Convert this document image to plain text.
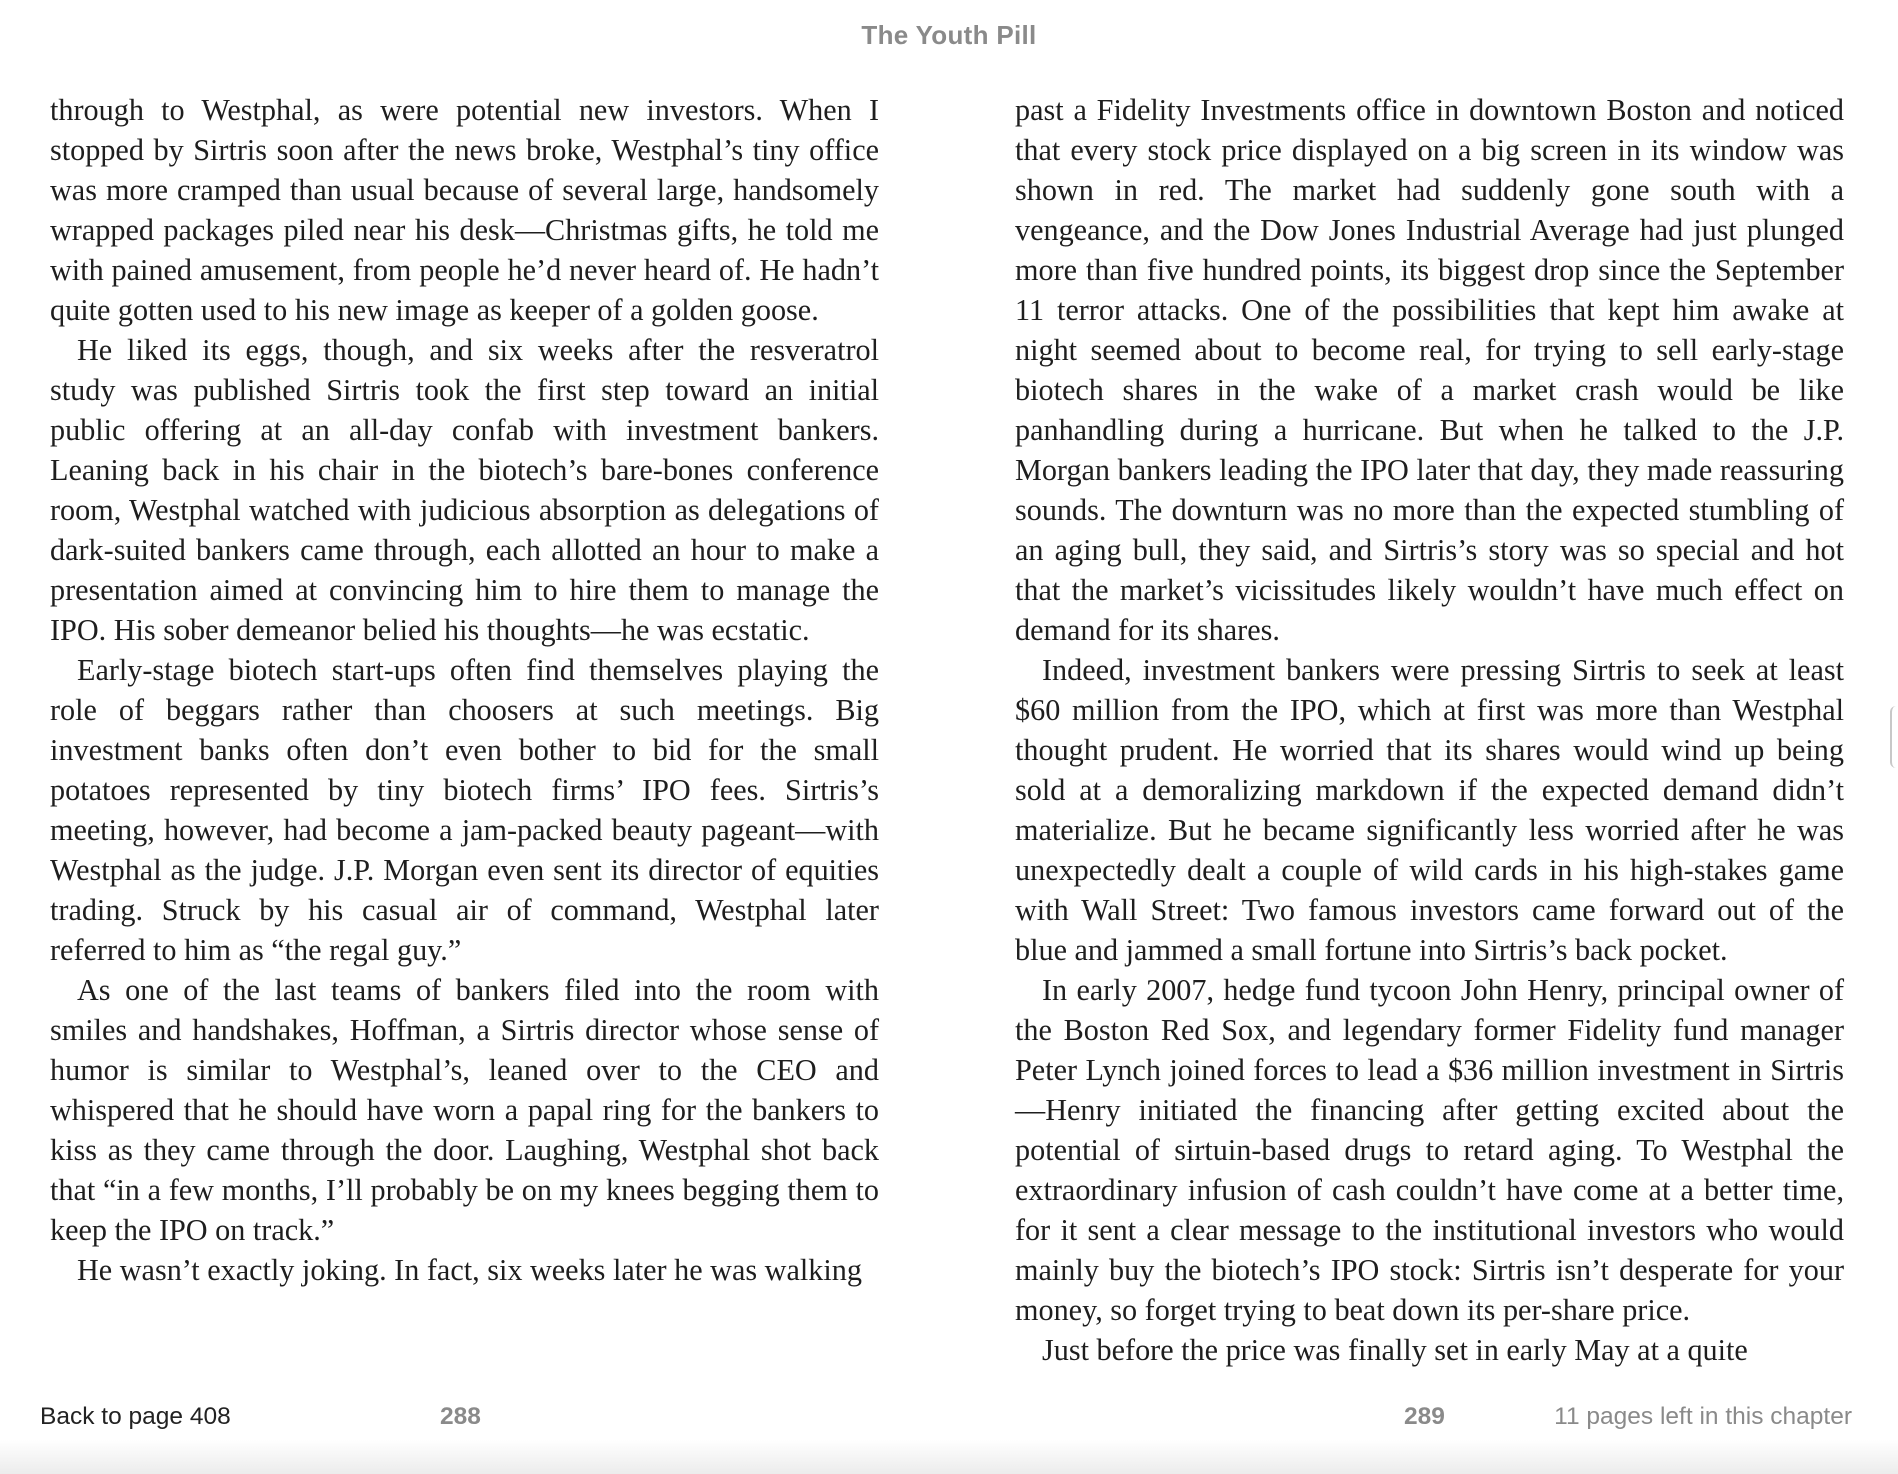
The Youth Pill

through to Westphal, as were potential new investors. When I stopped by Sirtris soon after the news broke, Westphal’s tiny office was more cramped than usual because of several large, handsomely wrapped packages piled near his desk—Christmas gifts, he told me with pained amusement, from people he’d never heard of. He hadn’t quite gotten used to his new image as keeper of a golden goose.

He liked its eggs, though, and six weeks after the resveratrol study was published Sirtris took the first step toward an initial public offering at an all-day confab with investment bankers. Leaning back in his chair in the biotech’s bare-bones conference room, Westphal watched with judicious absorption as delegations of dark-suited bankers came through, each allotted an hour to make a presentation aimed at convincing him to hire them to manage the IPO. His sober demeanor belied his thoughts—he was ecstatic.

Early-stage biotech start-ups often find themselves playing the role of beggars rather than choosers at such meetings. Big investment banks often don’t even bother to bid for the small potatoes represented by tiny biotech firms’ IPO fees. Sirtris’s meeting, however, had become a jam-packed beauty pageant—with Westphal as the judge. J.P. Morgan even sent its director of equities trading. Struck by his casual air of command, Westphal later referred to him as “the regal guy.”

As one of the last teams of bankers filed into the room with smiles and handshakes, Hoffman, a Sirtris director whose sense of humor is similar to Westphal’s, leaned over to the CEO and whispered that he should have worn a papal ring for the bankers to kiss as they came through the door. Laughing, Westphal shot back that “in a few months, I’ll probably be on my knees begging them to keep the IPO on track.”

He wasn’t exactly joking. In fact, six weeks later he was walking

past a Fidelity Investments office in downtown Boston and noticed that every stock price displayed on a big screen in its window was shown in red. The market had suddenly gone south with a vengeance, and the Dow Jones Industrial Average had just plunged more than five hundred points, its biggest drop since the September 11 terror attacks. One of the possibilities that kept him awake at night seemed about to become real, for trying to sell early-stage biotech shares in the wake of a market crash would be like panhandling during a hurricane. But when he talked to the J.P. Morgan bankers leading the IPO later that day, they made reassuring sounds. The downturn was no more than the expected stumbling of an aging bull, they said, and Sirtris’s story was so special and hot that the market’s vicissitudes likely wouldn’t have much effect on demand for its shares.

Indeed, investment bankers were pressing Sirtris to seek at least $60 million from the IPO, which at first was more than Westphal thought prudent. He worried that its shares would wind up being sold at a demoralizing markdown if the expected demand didn’t materialize. But he became significantly less worried after he was unexpectedly dealt a couple of wild cards in his high-stakes game with Wall Street: Two famous investors came forward out of the blue and jammed a small fortune into Sirtris’s back pocket.

In early 2007, hedge fund tycoon John Henry, principal owner of the Boston Red Sox, and legendary former Fidelity fund manager Peter Lynch joined forces to lead a $36 million investment in Sirtris—Henry initiated the financing after getting excited about the potential of sirtuin-based drugs to retard aging. To Westphal the extraordinary infusion of cash couldn’t have come at a better time, for it sent a clear message to the institutional investors who would mainly buy the biotech’s IPO stock: Sirtris isn’t desperate for your money, so forget trying to beat down its per-share price.

Just before the price was finally set in early May at a quite

Back to page 408	288	289	11 pages left in this chapter
